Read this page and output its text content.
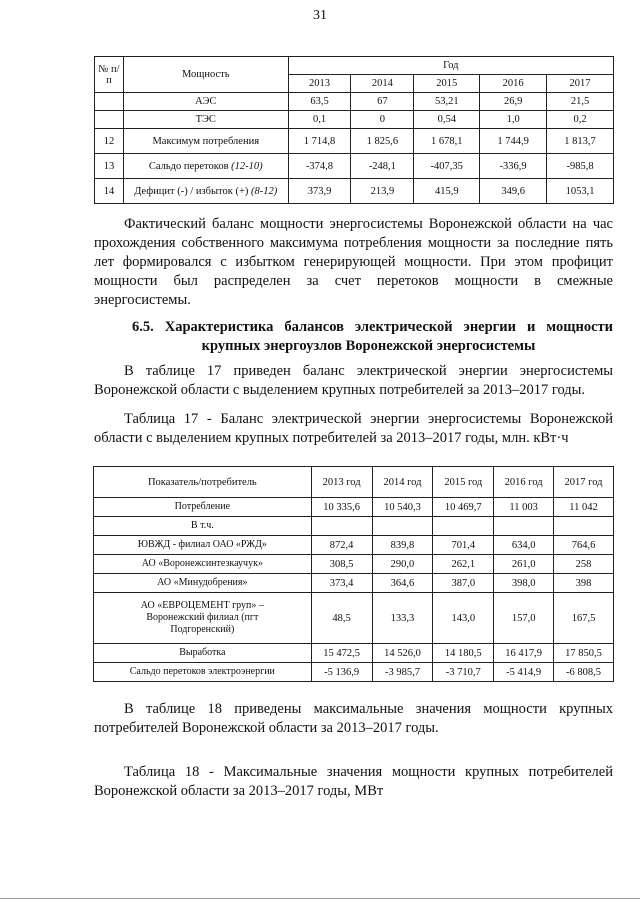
31
№ п/п	Мощность	Год				
		2013	2014	2015	2016	2017
	АЭС	63,5	67	53,21	26,9	21,5
	ТЭС	0,1	0	0,54	1,0	0,2
12	Максимум потребления	1 714,8	1 825,6	1 678,1	1 744,9	1 813,7
13	Сальдо перетоков (12-10)	-374,8	-248,1	-407,35	-336,9	-985,8
14	Дефицит (-) / избыток (+) (8-12)	373,9	213,9	415,9	349,6	1053,1

Фактический баланс мощности энергосистемы Воронежской области на час прохождения собственного максимума потребления мощности за последние пять лет формировался с избытком генерирующей мощности. При этом профицит мощности был распределен за счет перетоков мощности в смежные энергосистемы.

6.5. Характеристика балансов электрической энергии и мощности
крупных энергоузлов Воронежской энергосистемы

В таблице 17 приведен баланс электрической энергии энергосистемы Воронежской области с выделением крупных потребителей за 2013–2017 годы.

Таблица 17 - Баланс электрической энергии энергосистемы Воронежской области с выделением крупных потребителей за 2013–2017 годы, млн. кВт·ч

Показатель/потребитель	2013 год	2014 год	2015 год	2016 год	2017 год
Потребление	10 335,6	10 540,3	10 469,7	11 003	11 042
В т.ч.					
ЮВЖД - филиал ОАО «РЖД»	872,4	839,8	701,4	634,0	764,6
АО «Воронежсинтезкаучук»	308,5	290,0	262,1	261,0	258
АО «Минудобрения»	373,4	364,6	387,0	398,0	398
АО «ЕВРОЦЕМЕНТ груп» – Воронежский филиал (пгт Подгоренский)	48,5	133,3	143,0	157,0	167,5
Выработка	15 472,5	14 526,0	14 180,5	16 417,9	17 850,5
Сальдо перетоков электроэнергии	-5 136,9	-3 985,7	-3 710,7	-5 414,9	-6 808,5

В таблице 18 приведены максимальные значения мощности крупных потребителей Воронежской области за 2013–2017 годы.

Таблица 18 - Максимальные значения мощности крупных потребителей Воронежской области за 2013–2017 годы, МВт
